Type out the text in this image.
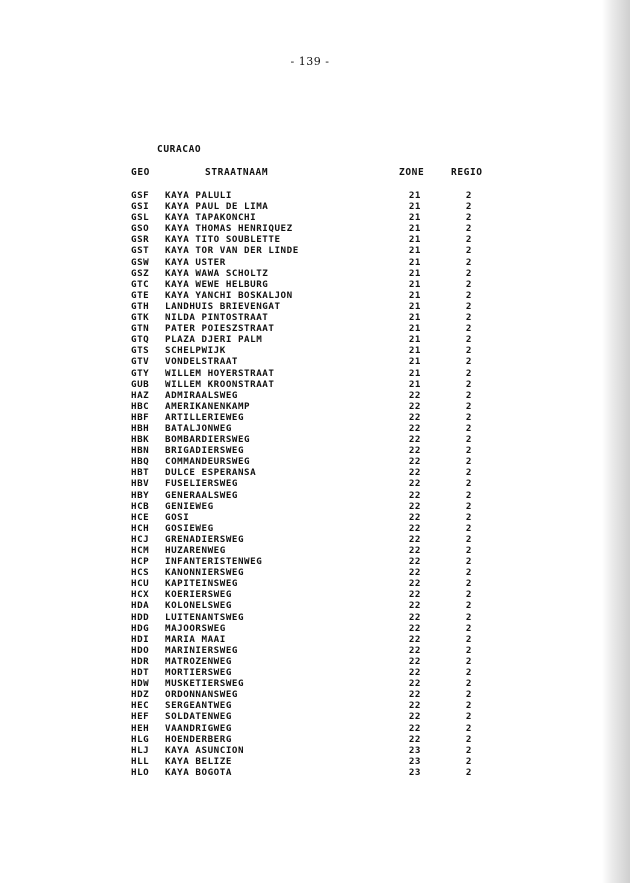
- 139 -
CURACAO
GEO	STRAATNAAM	ZONE	REGIO
GSF KAYA PALULI	21	2
GSI KAYA PAUL DE LIMA	21	2
GSL KAYA TAPAKONCHI	21	2
GSO KAYA THOMAS HENRIQUEZ	21	2
GSR KAYA TITO SOUBLETTE	21	2
GST KAYA TOR VAN DER LINDE	21	2
GSW KAYA USTER	21	2
GSZ KAYA WAWA SCHOLTZ	21	2
GTC KAYA WEWE HELBURG	21	2
GTE KAYA YANCHI BOSKALJON	21	2
GTH LANDHUIS BRIEVENGAT	21	2
GTK NILDA PINTOSTRAAT	21	2
GTN PATER POIESZSTRAAT	21	2
GTQ PLAZA DJERI PALM	21	2
GTS SCHELPWIJK	21	2
GTV VONDELSTRAAT	21	2
GTY WILLEM HOYERSTRAAT	21	2
GUB WILLEM KROONSTRAAT	21	2
HAZ ADMIRAALSWEG	22	2
HBC AMERIKANENKAMP	22	2
HBF ARTILLERIEWEG	22	2
HBH BATALJONWEG	22	2
HBK BOMBARDIERSWEG	22	2
HBN BRIGADIERSWEG	22	2
HBQ COMMANDEURSWEG	22	2
HBT DULCE ESPERANSA	22	2
HBV FUSELIERSWEG	22	2
HBY GENERAALSWEG	22	2
HCB GENIEWEG	22	2
HCE GOSI	22	2
HCH GOSIEWEG	22	2
HCJ GRENADIERSWEG	22	2
HCM HUZARENWEG	22	2
HCP INFANTERISTENWEG	22	2
HCS KANONNIERSWEG	22	2
HCU KAPITEINSWEG	22	2
HCX KOERIERSWEG	22	2
HDA KOLONELSWEG	22	2
HDD LUITENANTSWEG	22	2
HDG MAJOORSWEG	22	2
HDI MARIA MAAI	22	2
HDO MARINIERSWEG	22	2
HDR MATROZENWEG	22	2
HDT MORTIERSWEG	22	2
HDW MUSKETIERSWEG	22	2
HDZ ORDONNANSWEG	22	2
HEC SERGEANTWEG	22	2
HEF SOLDATENWEG	22	2
HEH VAANDRIGWEG	22	2
HLG HOENDERBERG	22	2
HLJ KAYA ASUNCION	23	2
HLL KAYA BELIZE	23	2
HLO KAYA BOGOTA	23	2
